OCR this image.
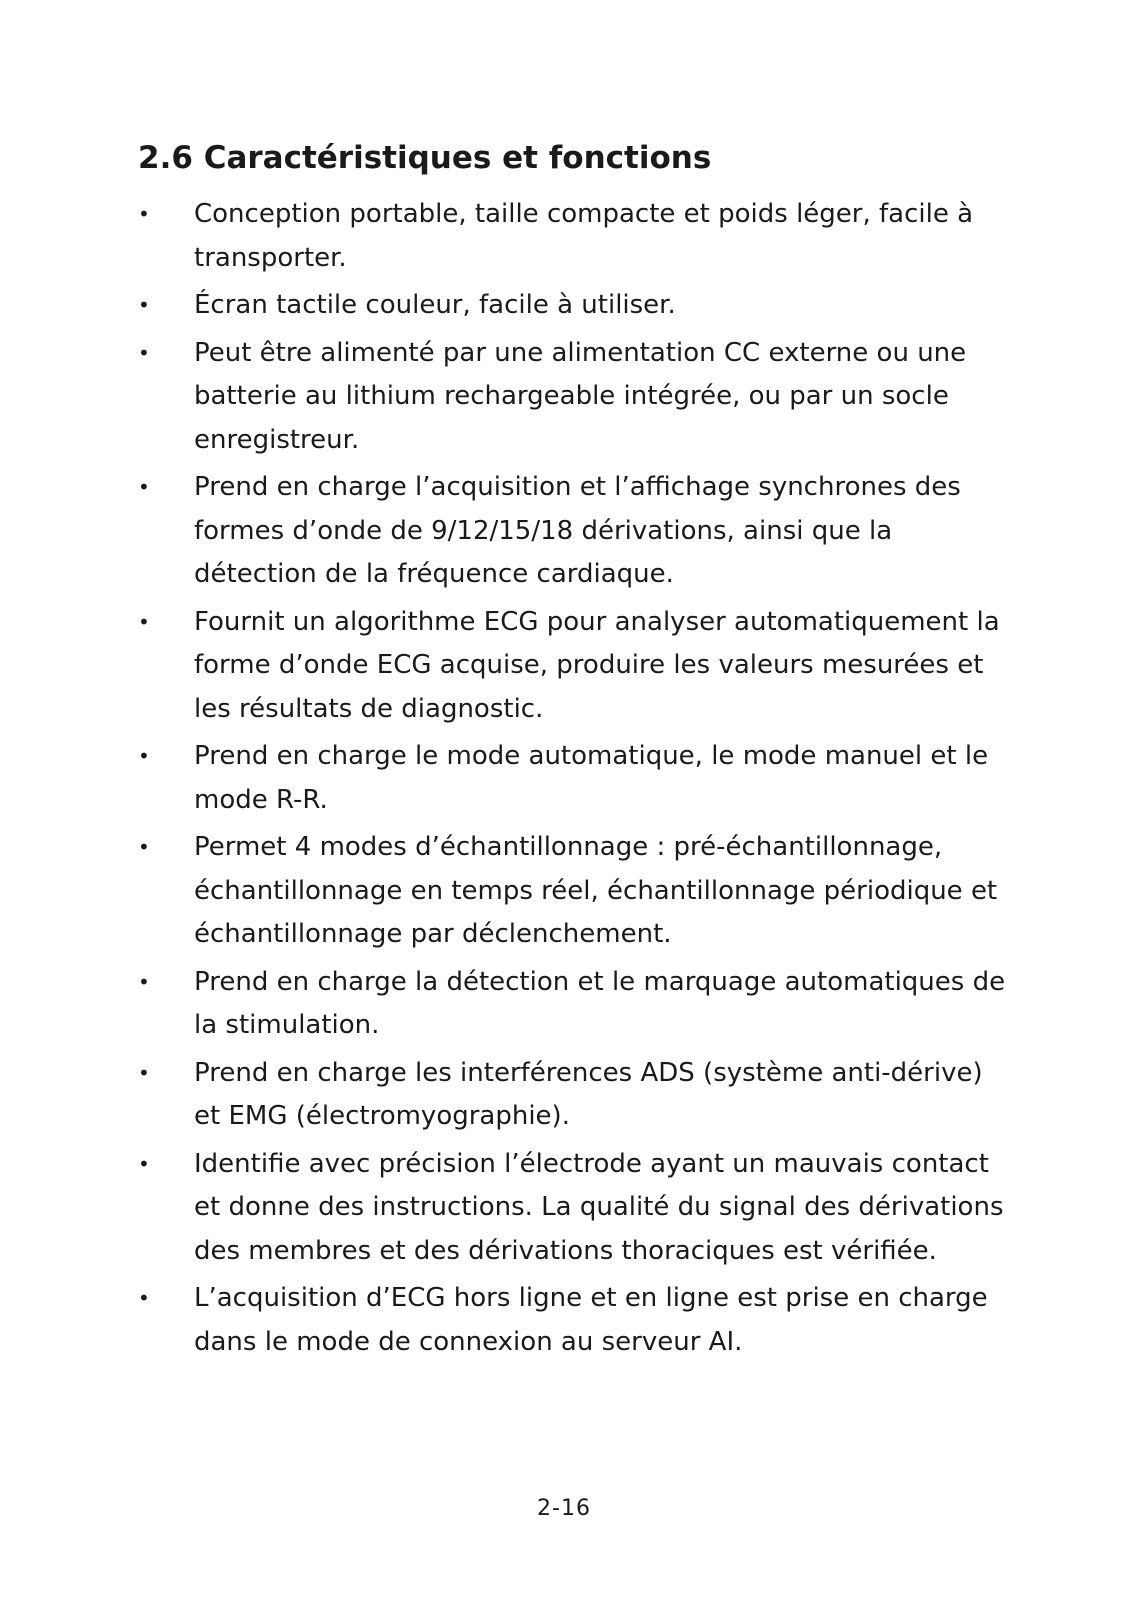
2.6 Caractéristiques et fonctions
•	Conception portable, taille compacte et poids léger, facile à transporter.
•	Écran tactile couleur, facile à utiliser.
•	Peut être alimenté par une alimentation CC externe ou une batterie au lithium rechargeable intégrée, ou par un socle enregistreur.
•	Prend en charge l’acquisition et l’affichage synchrones des formes d’onde de 9/12/15/18 dérivations, ainsi que la détection de la fréquence cardiaque.
•	Fournit un algorithme ECG pour analyser automatiquement la forme d’onde ECG acquise, produire les valeurs mesurées et les résultats de diagnostic.
•	Prend en charge le mode automatique, le mode manuel et le mode R-R.
•	Permet 4 modes d’échantillonnage : pré-échantillonnage, échantillonnage en temps réel, échantillonnage périodique et échantillonnage par déclenchement.
•	Prend en charge la détection et le marquage automatiques de la stimulation.
•	Prend en charge les interférences ADS (système anti-dérive) et EMG (électromyographie).
•	Identifie avec précision l’électrode ayant un mauvais contact et donne des instructions. La qualité du signal des dérivations des membres et des dérivations thoraciques est vérifiée.
•	L’acquisition d’ECG hors ligne et en ligne est prise en charge dans le mode de connexion au serveur AI.
2-16
